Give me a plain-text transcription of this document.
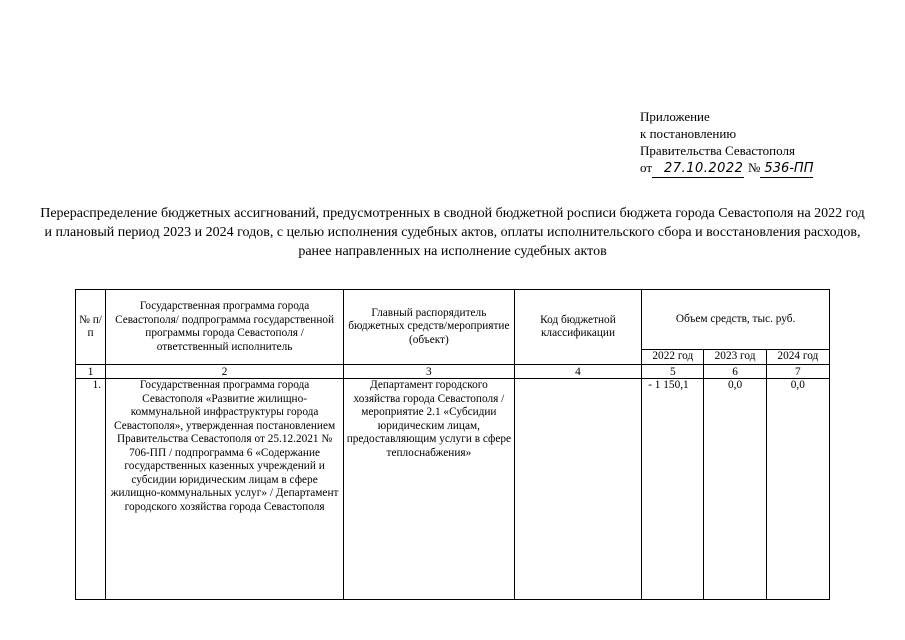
Приложение
к постановлению
Правительства Севастополя
от 27.10.2022 № 536-ПП
Перераспределение бюджетных ассигнований, предусмотренных в сводной бюджетной росписи бюджета города Севастополя на 2022 год и плановый период 2023 и 2024 годов, с целью исполнения судебных актов, оплаты исполнительского сбора и восстановления расходов, ранее направленных на исполнение судебных актов
№ п/п	Государственная программа города Севастополя/ подпрограмма государственной программы города Севастополя / ответственный исполнитель	Главный распорядитель бюджетных средств/мероприятие (объект)	Код бюджетной классификации	Объем средств, тыс. руб.		
				2022 год	2023 год	2024 год
1	2	3	4	5	6	7
1.	Государственная программа города Севастополя «Развитие жилищно-коммунальной инфраструктуры города Севастополя», утвержденная постановлением Правительства Севастополя от 25.12.2021 № 706-ПП / подпрограмма 6 «Содержание государственных казенных учреждений и субсидии юридическим лицам в сфере жилищно-коммунальных услуг» / Департамент городского хозяйства города Севастополя	Департамент городского хозяйства города Севастополя / мероприятие 2.1 «Субсидии юридическим лицам, предоставляющим услуги в сфере теплоснабжения»		- 1 150,1	0,0	0,0
